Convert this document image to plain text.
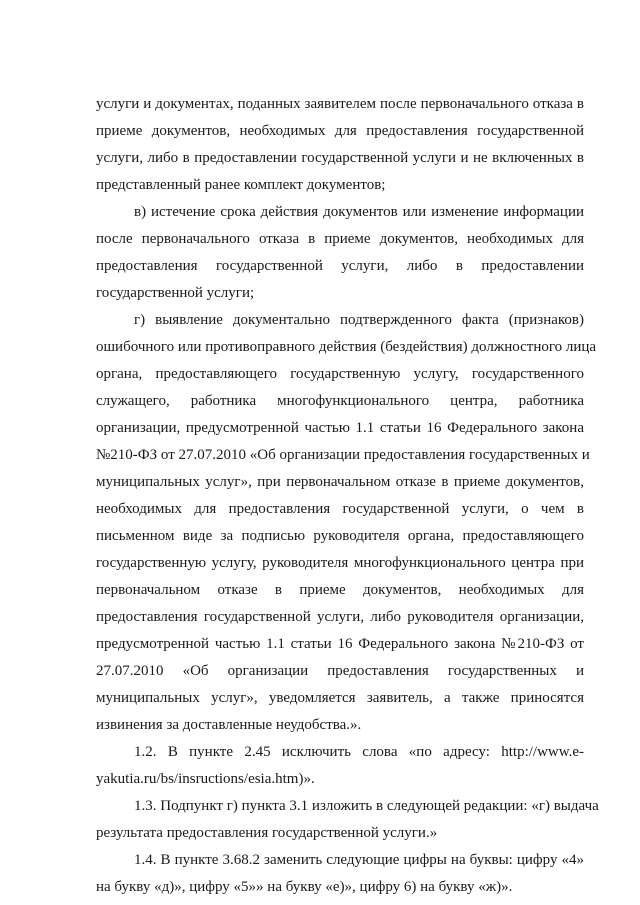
услуги и документах, поданных заявителем после первоначального отказа в
приеме документов, необходимых для предоставления государственной
услуги, либо в предоставлении государственной услуги и не включенных в
представленный ранее комплект документов;
в) истечение срока действия документов или изменение информации
после первоначального отказа в приеме документов, необходимых для
предоставления государственной услуги, либо в предоставлении
государственной услуги;
г) выявление документально подтвержденного факта (признаков)
ошибочного или противоправного действия (бездействия) должностного лица
органа, предоставляющего государственную услугу, государственного
служащего, работника многофункционального центра, работника
организации, предусмотренной частью 1.1 статьи 16 Федерального закона
№210-ФЗ от 27.07.2010 «Об организации предоставления государственных и
муниципальных услуг», при первоначальном отказе в приеме документов,
необходимых для предоставления государственной услуги, о чем в
письменном виде за подписью руководителя органа, предоставляющего
государственную услугу, руководителя многофункционального центра при
первоначальном отказе в приеме документов, необходимых для
предоставления государственной услуги, либо руководителя организации,
предусмотренной частью 1.1 статьи 16 Федерального закона №210-ФЗ от
27.07.2010 «Об организации предоставления государственных и
муниципальных услуг», уведомляется заявитель, а также приносятся
извинения за доставленные неудобства.».
1.2. В пункте 2.45 исключить слова «по адресу: http://www.e-
yakutia.ru/bs/insructions/esia.htm)».
1.3. Подпункт г) пункта 3.1 изложить в следующей редакции: «г) выдача
результата предоставления государственной услуги.»
1.4. В пункте 3.68.2 заменить следующие цифры на буквы: цифру «4»
на букву «д)», цифру «5»» на букву «е)», цифру 6) на букву «ж)».
